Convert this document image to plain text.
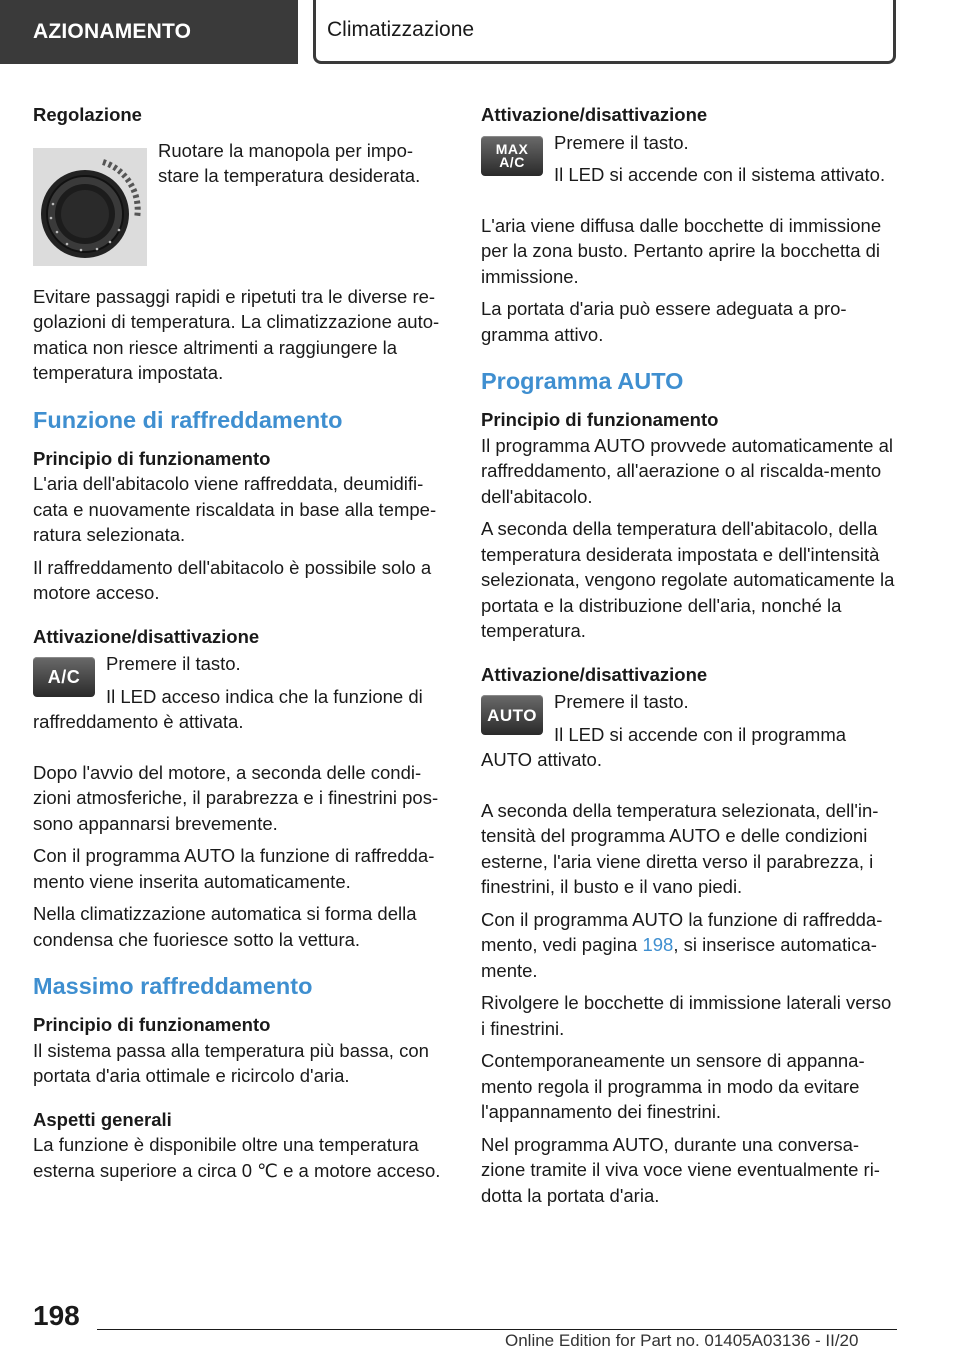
AZIONAMENTO	Climatizzazione
Regolazione

Ruotare la manopola per impo-stare la temperatura desiderata.

Evitare passaggi rapidi e ripetuti tra le diverse re-golazioni di temperatura. La climatizzazione auto-matica non riesce altrimenti a raggiungere la temperatura impostata.

Funzione di raffreddamento
Principio di funzionamento

L'aria dell'abitacolo viene raffreddata, deumidifi-cata e nuovamente riscaldata in base alla tempe-ratura selezionata.

Il raffreddamento dell'abitacolo è possibile solo a motore acceso.

Attivazione/disattivazione
A/C

Premere il tasto.

Il LED acceso indica che la funzione di raffreddamento è attivata.

Dopo l'avvio del motore, a seconda delle condi-zioni atmosferiche, il parabrezza e i finestrini pos-sono appannarsi brevemente.

Con il programma AUTO la funzione di raffredda-mento viene inserita automaticamente.

Nella climatizzazione automatica si forma della condensa che fuoriesce sotto la vettura.

Massimo raffreddamento
Principio di funzionamento

Il sistema passa alla temperatura più bassa, con portata d'aria ottimale e ricircolo d'aria.

Aspetti generali

La funzione è disponibile oltre una temperatura esterna superiore a circa 0 ℃ e a motore acceso.

Attivazione/disattivazione
MAX
A/C

Premere il tasto.

Il LED si accende con il sistema attivato.

L'aria viene diffusa dalle bocchette di immissione per la zona busto. Pertanto aprire la bocchetta di immissione.

La portata d'aria può essere adeguata a pro-gramma attivo.

Programma AUTO
Principio di funzionamento

Il programma AUTO provvede automaticamente al raffreddamento, all'aerazione o al riscalda-mento dell'abitacolo.

A seconda della temperatura dell'abitacolo, della temperatura desiderata impostata e dell'intensità selezionata, vengono regolate automaticamente la portata e la distribuzione dell'aria, nonché la temperatura.

Attivazione/disattivazione
AUTO

Premere il tasto.

Il LED si accende con il programma AUTO attivato.

A seconda della temperatura selezionata, dell'in-tensità del programma AUTO e delle condizioni esterne, l'aria viene diretta verso il parabrezza, i finestrini, il busto e il vano piedi.

Con il programma AUTO la funzione di raffredda-mento, vedi pagina 198, si inserisce automatica-mente.

Rivolgere le bocchette di immissione laterali verso i finestrini.

Contemporaneamente un sensore di appanna-mento regola il programma in modo da evitare l'appannamento dei finestrini.

Nel programma AUTO, durante una conversa-zione tramite il viva voce viene eventualmente ri-dotta la portata d'aria.

198
Online Edition for Part no. 01405A03136 - II/20
